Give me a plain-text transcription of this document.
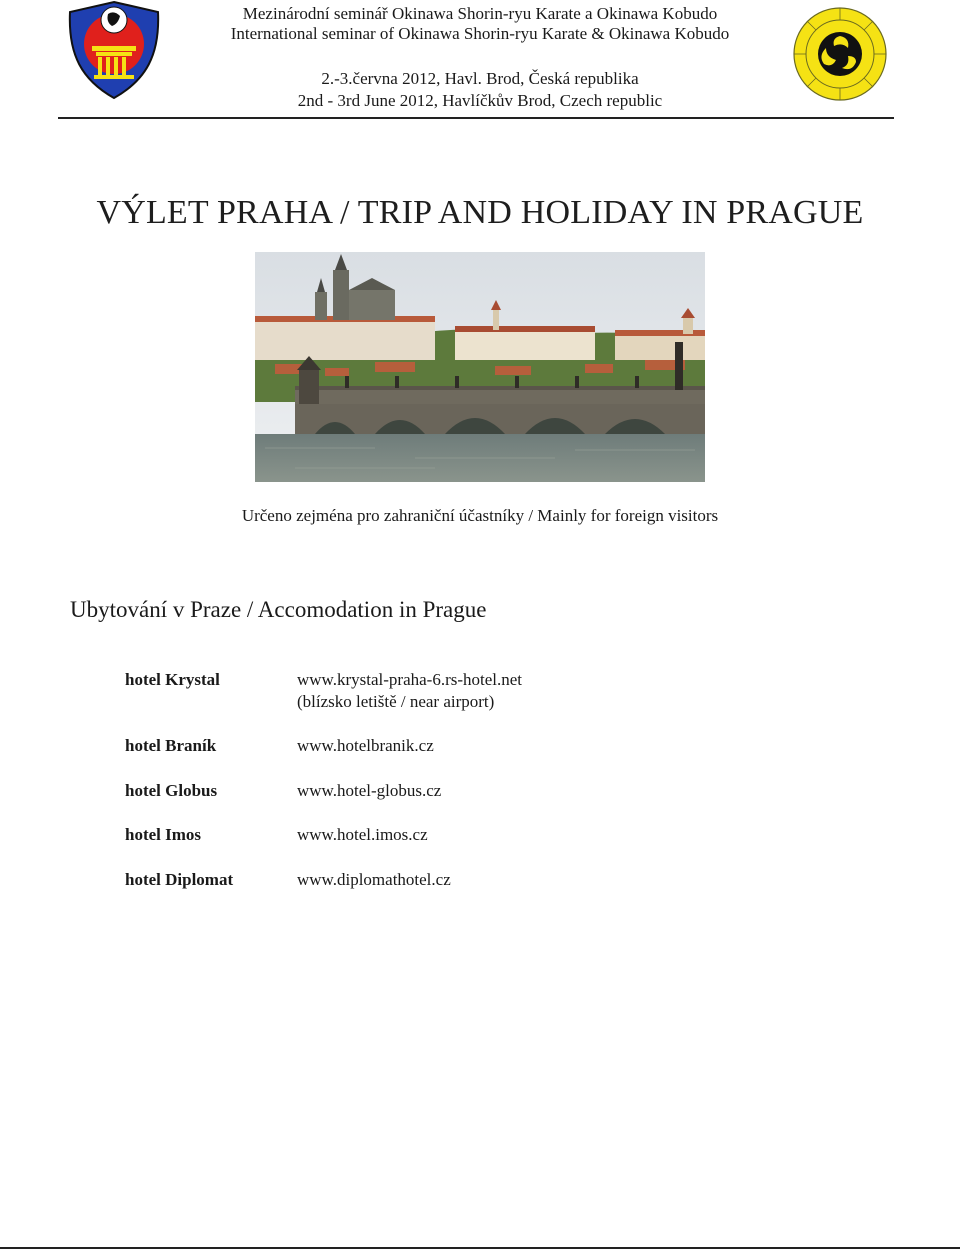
Mezinárodní seminář Okinawa Shorin-ryu Karate a Okinawa Kobudo
International seminar of Okinawa Shorin-ryu Karate & Okinawa Kobudo
2.-3.června 2012, Havl. Brod, Česká republika
2nd - 3rd June 2012, Havlíčkův Brod, Czech republic
VÝLET PRAHA / TRIP AND HOLIDAY IN PRAGUE
Určeno zejména pro zahraniční účastníky / Mainly for foreign visitors
Ubytování v Praze / Accomodation in Prague
hotel Krystal	www.krystal-praha-6.rs-hotel.net
(blízsko letiště / near airport)
hotel Braník	www.hotelbranik.cz
hotel Globus	www.hotel-globus.cz
hotel Imos	www.hotel.imos.cz
hotel Diplomat	www.diplomathotel.cz
